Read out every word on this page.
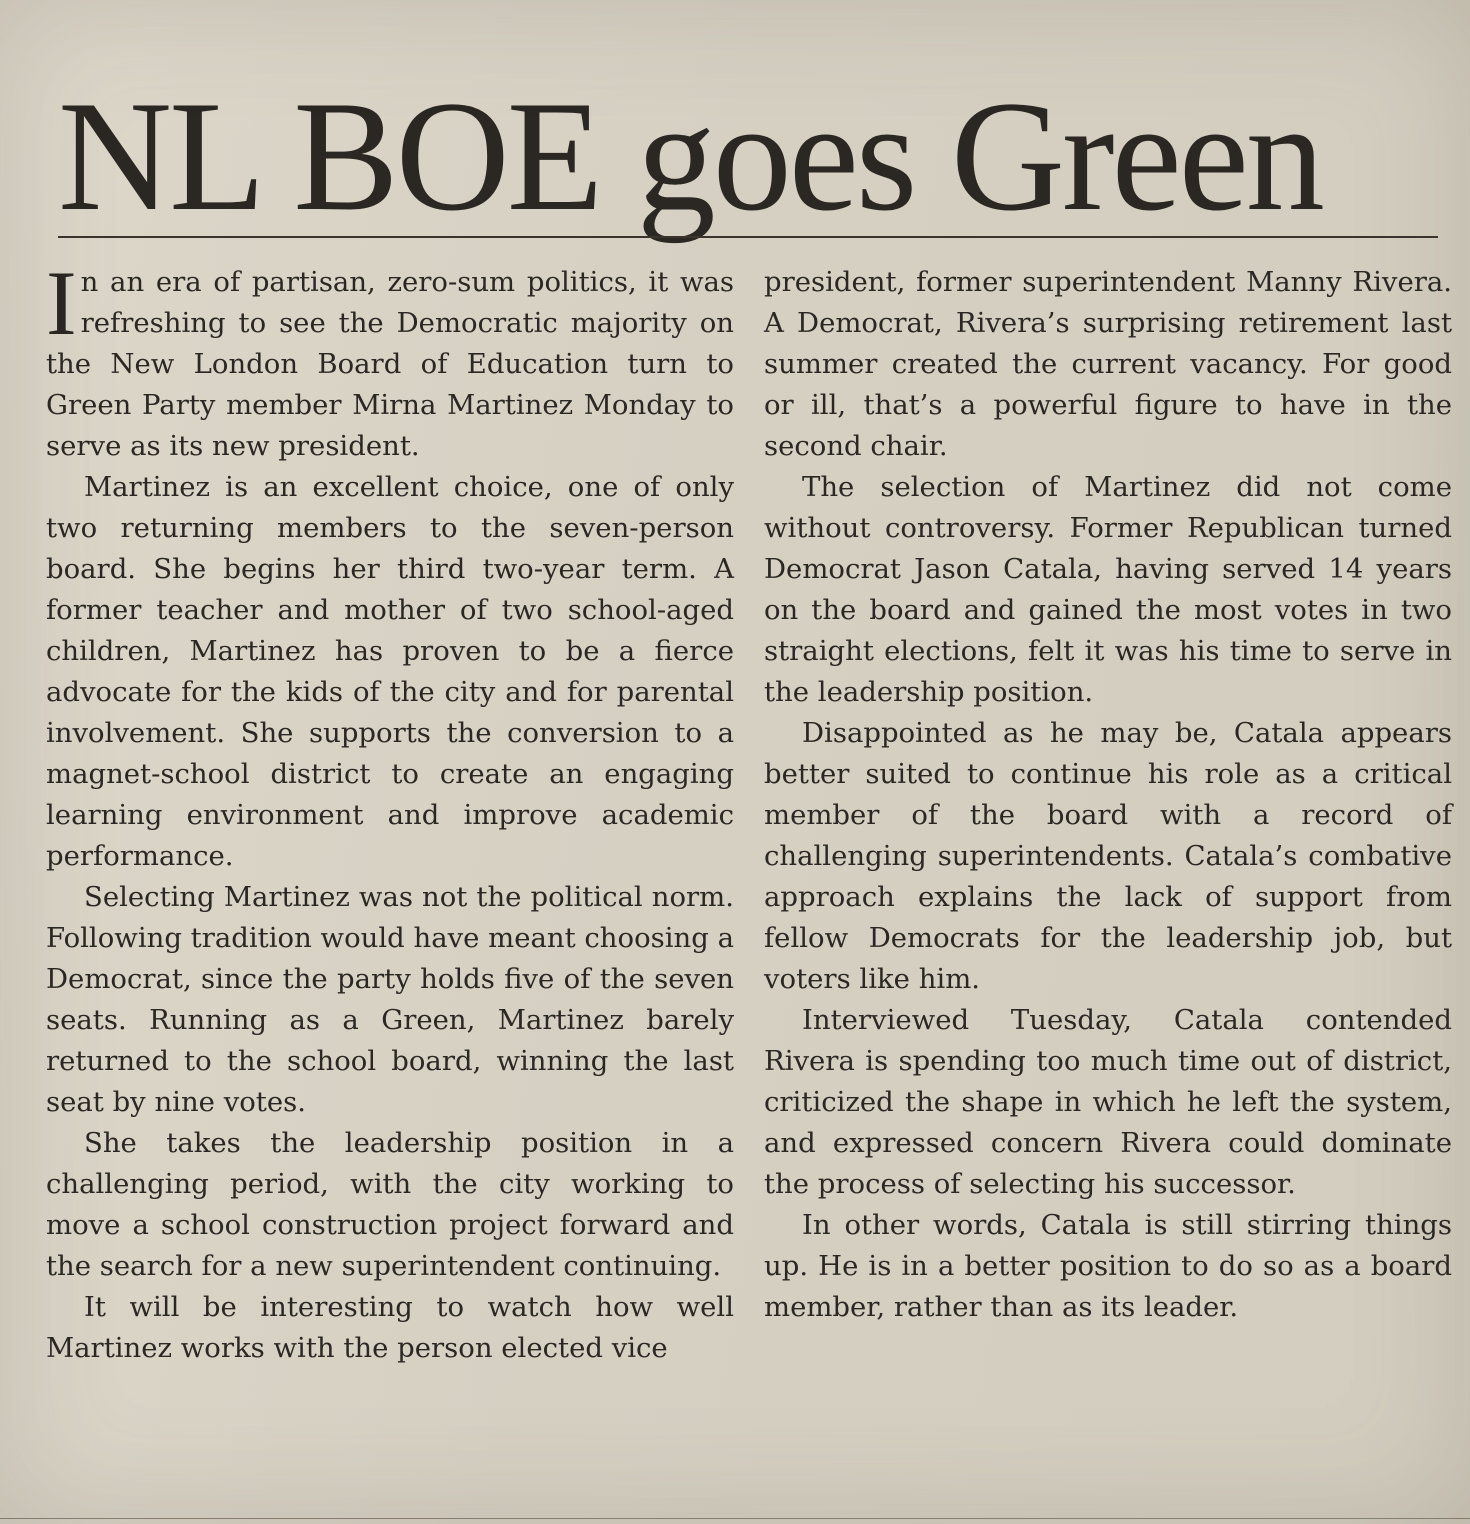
NL BOE goes Green

In an era of partisan, zero-sum politics, it was refreshing to see the Democratic majority on the New London Board of Education turn to Green Party member Mirna Martinez Monday to serve as its new president.

Martinez is an excellent choice, one of only two returning members to the seven-person board. She begins her third two-year term. A former teacher and mother of two school-aged children, Martinez has proven to be a fierce advocate for the kids of the city and for parental involvement. She supports the conversion to a magnet-school district to create an engaging learning environment and improve academic performance.

Selecting Martinez was not the political norm. Following tradition would have meant choosing a Democrat, since the party holds five of the seven seats. Running as a Green, Martinez barely returned to the school board, winning the last seat by nine votes.

She takes the leadership position in a challenging period, with the city working to move a school construction project forward and the search for a new superintendent continuing.

It will be interesting to watch how well Martinez works with the person elected vice

president, former superintendent Manny Rivera. A Democrat, Rivera’s surprising retirement last summer created the current vacancy. For good or ill, that’s a powerful figure to have in the second chair.

The selection of Martinez did not come without controversy. Former Republican turned Democrat Jason Catala, having served 14 years on the board and gained the most votes in two straight elections, felt it was his time to serve in the leadership position.

Disappointed as he may be, Catala appears better suited to continue his role as a critical member of the board with a record of challenging superintendents. Catala’s combative approach explains the lack of support from fellow Democrats for the leadership job, but voters like him.

Interviewed Tuesday, Catala contended Rivera is spending too much time out of district, criticized the shape in which he left the system, and expressed concern Rivera could dominate the process of selecting his successor.

In other words, Catala is still stirring things up. He is in a better position to do so as a board member, rather than as its leader.
